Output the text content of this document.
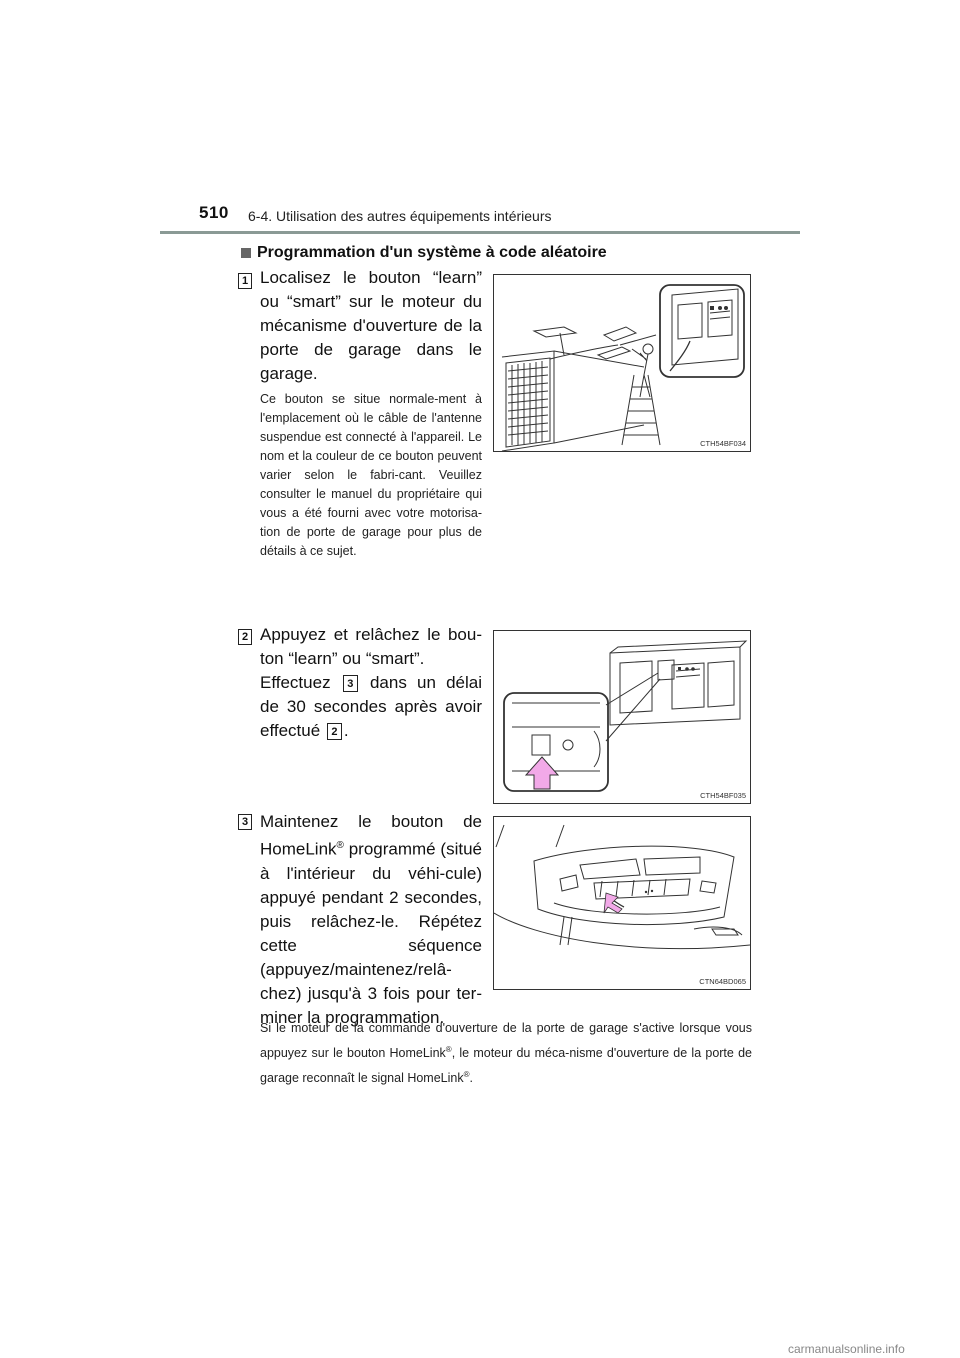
510 6-4. Utilisation des autres équipements intérieurs
Programmation d'un système à code aléatoire
1 Localisez le bouton “learn” ou “smart” sur le moteur du mécanisme d'ouverture de la porte de garage dans le garage.
Ce bouton se situe normale-ment à l'emplacement où le câble de l'antenne suspendue est connecté à l'appareil. Le nom et la couleur de ce bouton peuvent varier selon le fabri-cant. Veuillez consulter le manuel du propriétaire qui vous a été fourni avec votre motorisa-tion de porte de garage pour plus de détails à ce sujet.
CTH54BF034
2 Appuyez et relâchez le bou-ton “learn” ou “smart”.
Effectuez 3 dans un délai de 30 secondes après avoir effectué 2 .
CTH54BF035
3 Maintenez le bouton de HomeLink® programmé (situé à l'intérieur du véhi-cule) appuyé pendant 2 secondes, puis relâchez-le. Répétez cette séquence (appuyez/maintenez/relâ-chez) jusqu'à 3 fois pour ter-miner la programmation.
CTN64BD065
Si le moteur de la commande d'ouverture de la porte de garage s'active lorsque vous appuyez sur le bouton HomeLink®, le moteur du méca-nisme d'ouverture de la porte de garage reconnaît le signal HomeLink®.
carmanualsonline.info
